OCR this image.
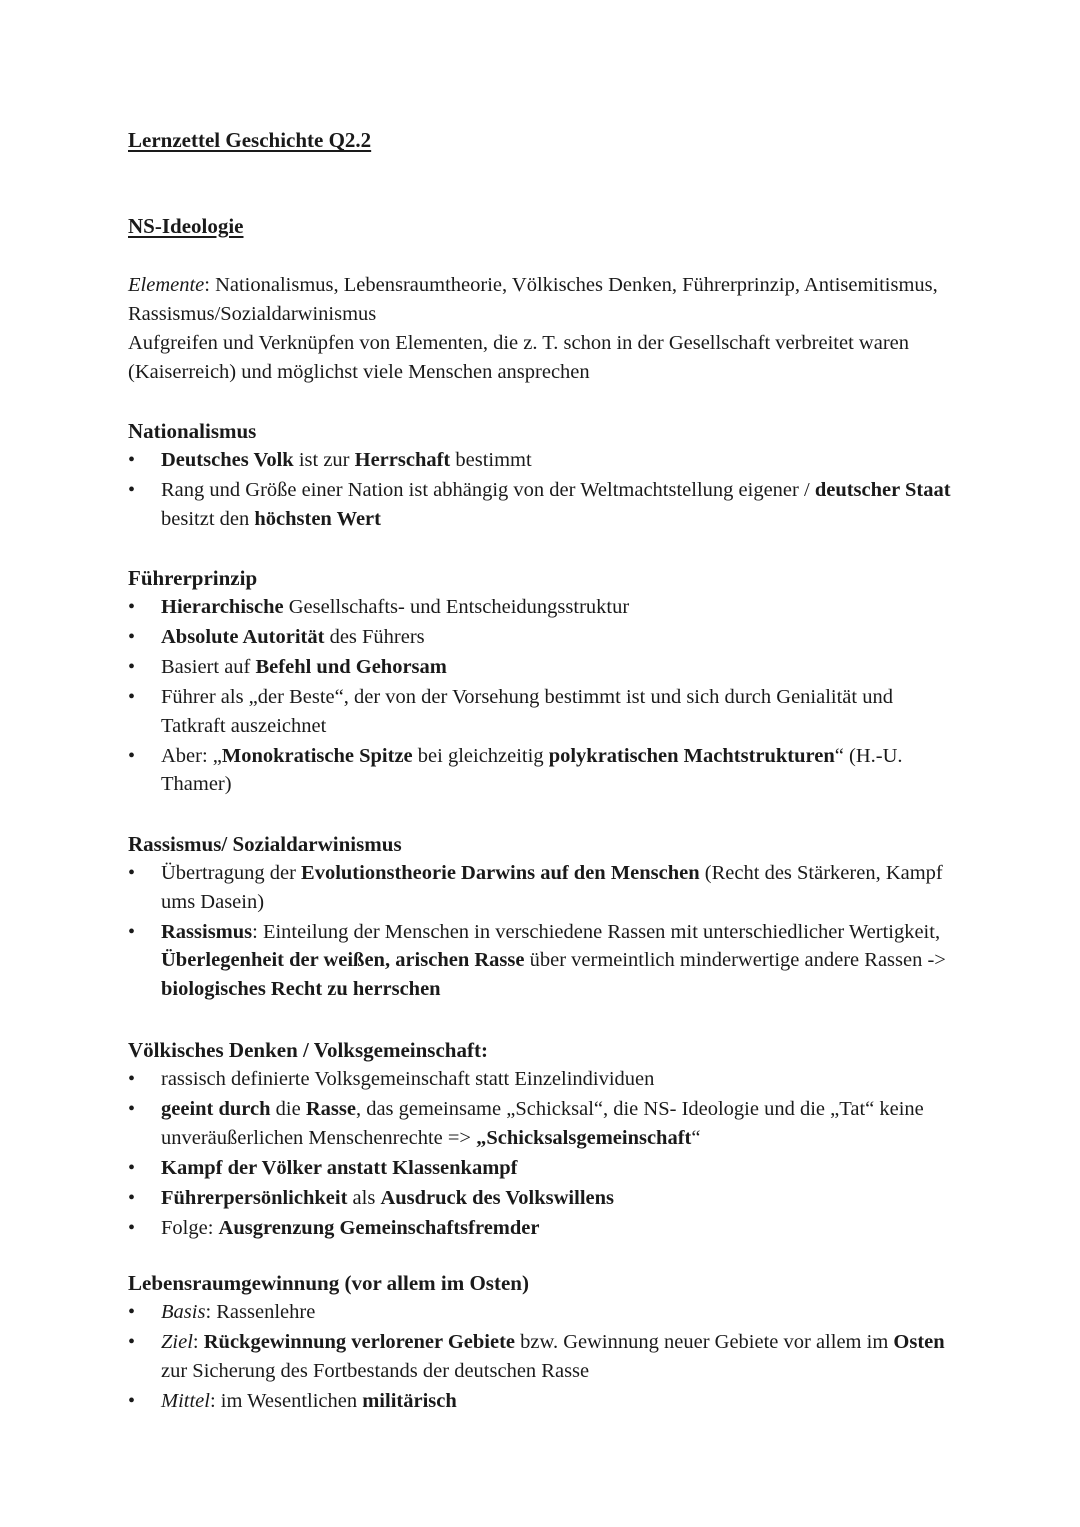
Lernzettel Geschichte Q2.2
NS-Ideologie
Elemente: Nationalismus, Lebensraumtheorie, Völkisches Denken, Führerprinzip, Antisemitismus, Rassismus/Sozialdarwinismus
Aufgreifen und Verknüpfen von Elementen, die z. T. schon in der Gesellschaft verbreitet waren (Kaiserreich) und möglichst viele Menschen ansprechen
Nationalismus
• Deutsches Volk ist zur Herrschaft bestimmt
• Rang und Größe einer Nation ist abhängig von der Weltmachtstellung eigener / deutscher Staat besitzt den höchsten Wert
Führerprinzip
• Hierarchische Gesellschafts- und Entscheidungsstruktur
• Absolute Autorität des Führers
• Basiert auf Befehl und Gehorsam
• Führer als „der Beste“, der von der Vorsehung bestimmt ist und sich durch Genialität und Tatkraft auszeichnet
• Aber: „Monokratische Spitze bei gleichzeitig polykratischen Machtstrukturen“ (H.-U. Thamer)
Rassismus/ Sozialdarwinismus
• Übertragung der Evolutionstheorie Darwins auf den Menschen (Recht des Stärkeren, Kampf ums Dasein)
• Rassismus: Einteilung der Menschen in verschiedene Rassen mit unterschiedlicher Wertigkeit, Überlegenheit der weißen, arischen Rasse über vermeintlich minderwertige andere Rassen -> biologisches Recht zu herrschen
Völkisches Denken / Volksgemeinschaft:
• rassisch definierte Volksgemeinschaft statt Einzelindividuen
• geeint durch die Rasse, das gemeinsame „Schicksal“, die NS- Ideologie und die „Tat“ keine unveräußerlichen Menschenrechte => „Schicksalsgemeinschaft“
• Kampf der Völker anstatt Klassenkampf
• Führerpersönlichkeit als Ausdruck des Volkswillens
• Folge: Ausgrenzung Gemeinschaftsfremder
Lebensraumgewinnung (vor allem im Osten)
• Basis: Rassenlehre
• Ziel: Rückgewinnung verlorener Gebiete bzw. Gewinnung neuer Gebiete vor allem im Osten zur Sicherung des Fortbestands der deutschen Rasse
• Mittel: im Wesentlichen militärisch
